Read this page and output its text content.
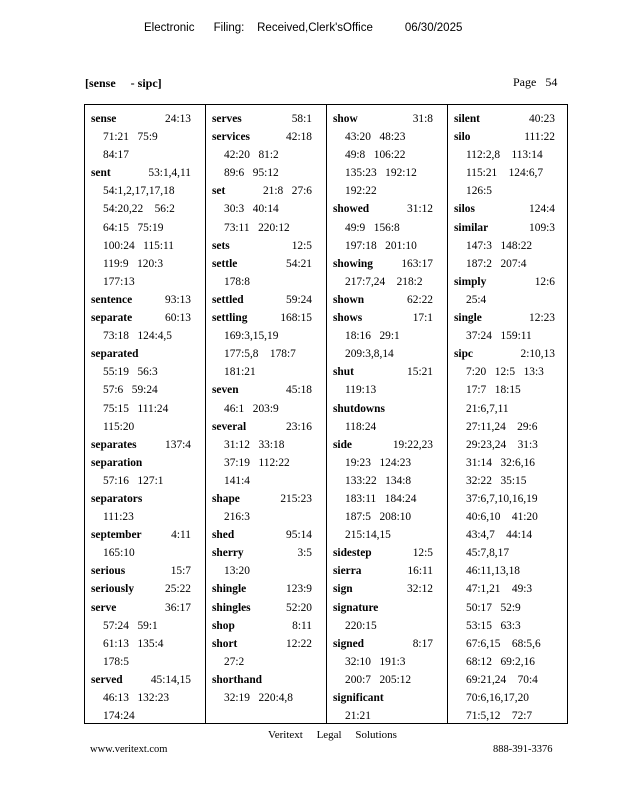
Electronic      Filing:    Received,Clerk'sOffice          06/30/2025
[sense     - sipc]	Page   54
sense	24:13
71:21   75:9
84:17
sent	53:1,4,11
54:1,2,17,17,18
54:20,22    56:2
64:15   75:19
100:24   115:11
119:9   120:3
177:13
sentence	93:13
separate	60:13
73:18   124:4,5
separated
55:19   56:3
57:6   59:24
75:15   111:24
115:20
separates 137:4
separation
57:16   127:1
separators
111:23
september	4:11
165:10
serious	15:7
seriously	25:22
serve	36:17
57:24   59:1
61:13   135:4
178:5
served 45:14,15
46:13   132:23
174:24
serves	58:1
services	42:18
42:20   81:2
89:6   95:12
set	21:8   27:6
30:3   40:14
73:11   220:12
sets	12:5
settle	54:21
178:8
settled	59:24
settling	168:15
169:3,15,19
177:5,8    178:7
181:21
seven	45:18
46:1   203:9
several	23:16
31:12   33:18
37:19   112:22
141:4
shape	215:23
216:3
shed	95:14
sherry	3:5
13:20
shingle	123:9
shingles	52:20
shop	8:11
short	12:22
27:2
shorthand
32:19   220:4,8
show	31:8
43:20   48:23
49:8   106:22
135:23   192:12
192:22
showed	31:12
49:9   156:8
197:18   201:10
showing 163:17
217:7,24    218:2
shown	62:22
shows	17:1
18:16   29:1
209:3,8,14
shut	15:21
119:13
shutdowns
118:24
side	19:22,23
19:23   124:23
133:22   134:8
183:11   184:24
187:5   208:10
215:14,15
sidestep	12:5
sierra	16:11
sign	32:12
signature
220:15
signed	8:17
32:10   191:3
200:7   205:12
significant
21:21
silent	40:23
silo	111:22
112:2,8    113:14
115:21    124:6,7
126:5
silos	124:4
similar	109:3
147:3   148:22
187:2   207:4
simply	12:6
25:4
single	12:23
37:24   159:11
sipc	2:10,13
7:20   12:5   13:3
17:7   18:15
21:6,7,11
27:11,24    29:6
29:23,24    31:3
31:14   32:6,16
32:22   35:15
37:6,7,10,16,19
40:6,10    41:20
43:4,7    44:14
45:7,8,17
46:11,13,18
47:1,21    49:3
50:17   52:9
53:15   63:3
67:6,15    68:5,6
68:12   69:2,16
69:21,24    70:4
70:6,16,17,20
71:5,12    72:7
Veritext     Legal     Solutions
www.veritext.com	888-391-3376
